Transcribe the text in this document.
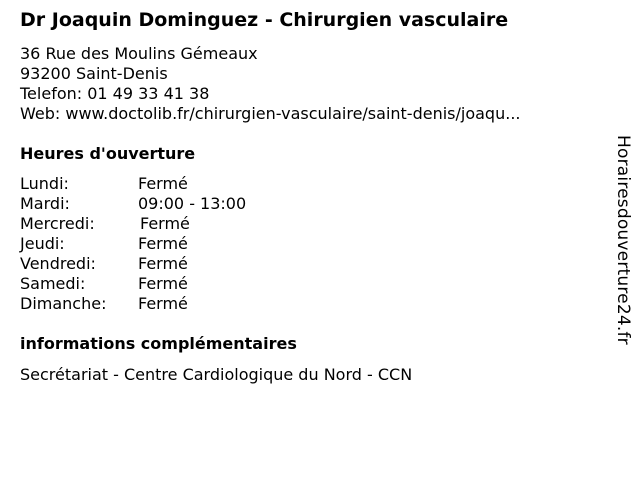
Dr Joaquin Dominguez - Chirurgien vasculaire
36 Rue des Moulins Gémeaux
93200 Saint-Denis
Telefon: 01 49 33 41 38
Web: www.doctolib.fr/chirurgien-vasculaire/saint-denis/joaqu...
Heures d'ouverture
Lundi:	Fermé
Mardi:	09:00 - 13:00
Mercredi:	Fermé
Jeudi:	Fermé
Vendredi:	Fermé
Samedi:	Fermé
Dimanche: Fermé
informations complémentaires
Secrétariat - Centre Cardiologique du Nord - CCN
Horairesdouverture24.fr
